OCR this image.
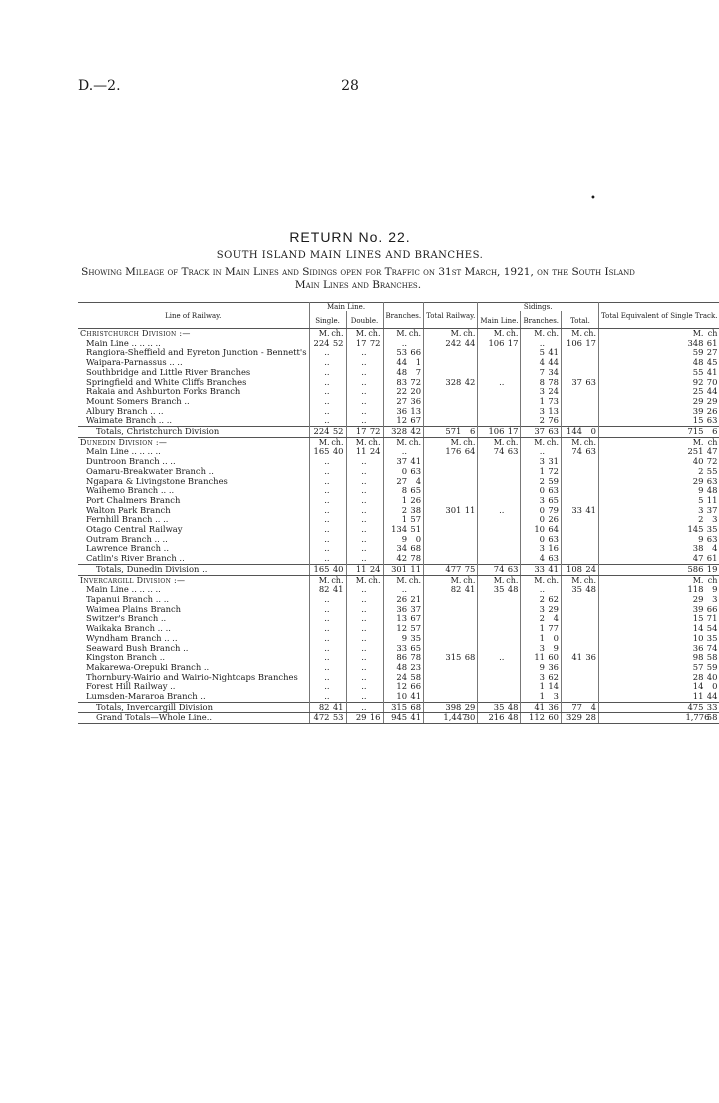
D.—2.	28
•
RETURN No. 22.
SOUTH ISLAND MAIN LINES AND BRANCHES.
Showing Mileage of Track in Main Lines and Sidings open for Traffic on 31st March, 1921, on the South Island Main Lines and Branches.
Line of Railway.	Main Line.		Branches.	Total Railway.	Sidings.			Total Equivalent of Single Track.
	Single.	Double.			Main Line.	Branches.	Total.	
Christchurch Division :—	M. ch.	M. ch.	M. ch.	M. ch.	M. ch.	M. ch.	M. ch.	M. ch
Main Line .. .. .. ..	224 52	17 72	..	242 44	106 17	..	106 17	348 61
Rangiora-Sheffield and Eyreton Junction - Bennett's	..	..	53 66			5 41		59 27
Waipara-Parnassus .. ..	..	..	44 1			4 44		48 45
Southbridge and Little River Branches	..	..	48 7			7 34		55 41
Springfield and White Cliffs Branches	..	..	83 72	328 42	..	8 78	37 63	92 70
Rakaia and Ashburton Forks Branch	..	..	22 20			3 24		25 44
Mount Somers Branch ..	..	..	27 36			1 73		29 29
Albury Branch .. ..	..	..	36 13			3 13		39 26
Waimate Branch .. ..	..	..	12 67			2 76		15 63
Totals, Christchurch Division	224 52	17 72	328 42	571 6	106 17	37 63	144 0	715 6
Dunedin Division :—	M. ch.	M. ch.	M. ch.	M. ch.	M. ch.	M. ch.	M. ch.	M. ch
Main Line .. .. .. ..	165 40	11 24	..	176 64	74 63	..	74 63	251 47
Duntroon Branch .. ..	..	..	37 41			3 31		40 72
Oamaru-Breakwater Branch ..	..	..	0 63			1 72		2 55
Ngapara & Livingstone Branches	..	..	27 4			2 59		29 63
Waihemo Branch .. ..	..	..	8 65			0 63		9 48
Port Chalmers Branch	..	..	1 26			3 65		5 11
Walton Park Branch	..	..	2 38	301 11	..	0 79	33 41	3 37
Fernhill Branch .. ..	..	..	1 57			0 26		2 3
Otago Central Railway	..	..	134 51			10 64		145 35
Outram Branch .. ..	..	..	9 0			0 63		9 63
Lawrence Branch ..	..	..	34 68			3 16		38 4
Catlin's River Branch ..	..	..	42 78			4 63		47 61
Totals, Dunedin Division ..	165 40	11 24	301 11	477 75	74 63	33 41	108 24	586 19
Invercargill Division :—	M. ch.	M. ch.	M. ch.	M. ch.	M. ch.	M. ch.	M. ch.	M. ch
Main Line .. .. .. ..	82 41	..	..	82 41	35 48	..	35 48	118 9
Tapanui Branch .. ..	..	..	26 21			2 62		29 3
Waimea Plains Branch	..	..	36 37			3 29		39 66
Switzer's Branch ..	..	..	13 67			2 4		15 71
Waikaka Branch .. ..	..	..	12 57			1 77		14 54
Wyndham Branch .. ..	..	..	9 35			1 0		10 35
Seaward Bush Branch ..	..	..	33 65			3 9		36 74
Kingston Branch ..	..	..	86 78	315 68	..	11 60	41 36	98 58
Makarewa-Orepuki Branch ..	..	..	48 23			9 36		57 59
Thornbury-Wairio and Wairio-Nightcaps Branches	..	..	24 58			3 62		28 40
Forest Hill Railway ..	..	..	12 66			1 14		14 0
Lumsden-Mararoa Branch ..	..	..	10 41			1 3		11 44
Totals, Invercargill Division	82 41	..	315 68	398 29	35 48	41 36	77 4	475 33
Grand Totals—Whole Line..	472 53	29 16	945 41	1,44730	216 48	112 60	329 28	1,77658
